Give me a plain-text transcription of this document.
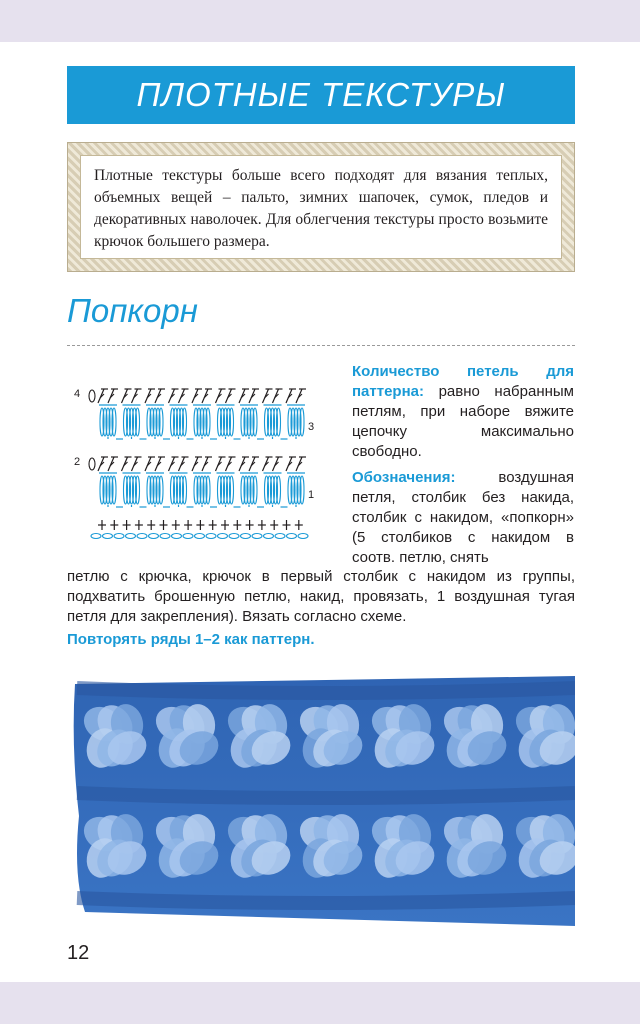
ПЛОТНЫЕ ТЕКСТУРЫ
Плотные текстуры больше всего подходят для вязания теплых, объемных вещей – пальто, зимних шапочек, сумок, пледов и декоративных наволочек. Для облегчения текстуры просто возьмите крючок большего размера.
Попкорн
4
3
2
1

Количество петель для паттерна: равно набранным петлям, при наборе вяжите цепочку максимально свободно.

Обозначения: воздушная петля, столбик без накида, столбик с накидом, «попкорн» (5 столбиков с накидом в соотв. петлю, снять

петлю с крючка, крючок в первый столбик с накидом из группы, подхватить брошенную петлю, накид, провязать, 1 воздушная тугая петля для закрепления). Вязать согласно схеме.
Повторять ряды 1–2 как паттерн.
12
